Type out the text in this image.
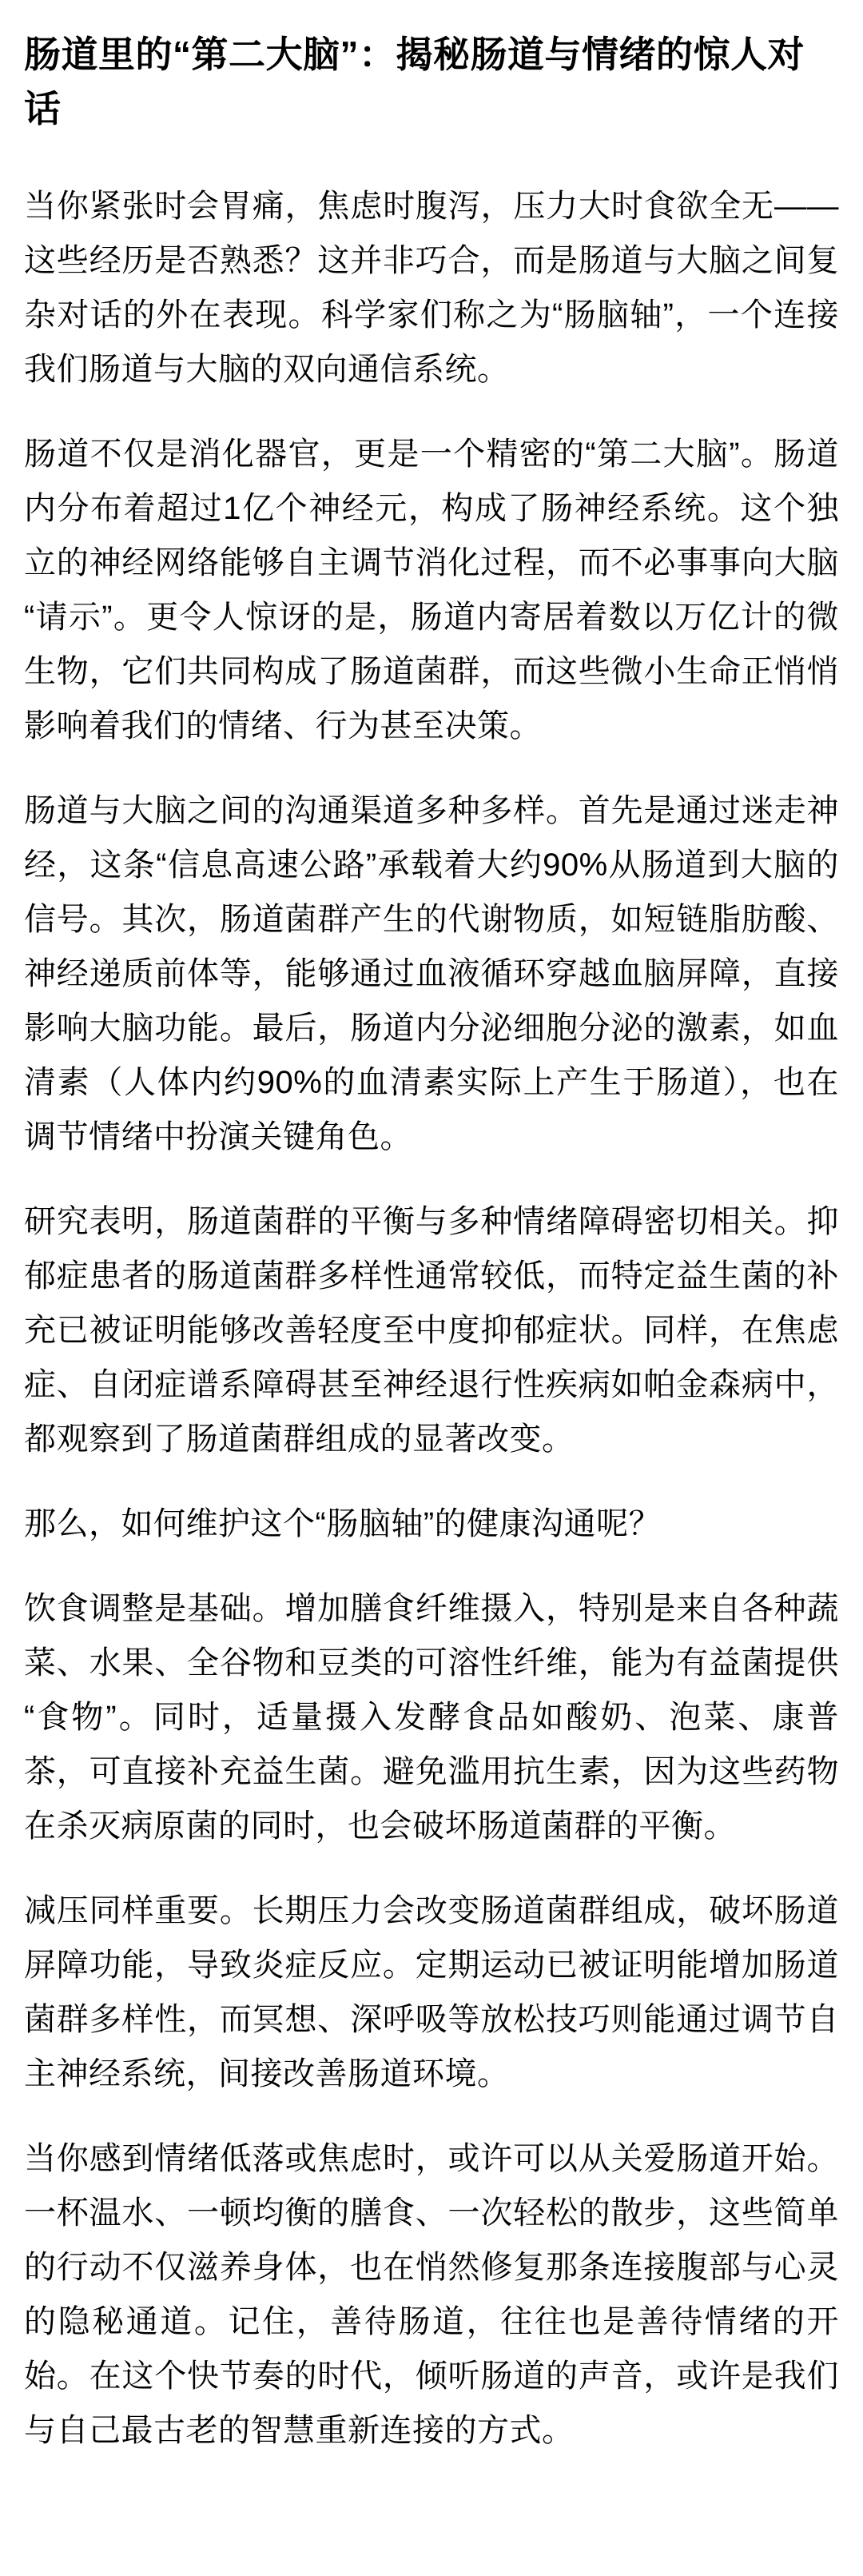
肠道里的“第二大脑”：揭秘肠道与情绪的惊人对话

当你紧张时会胃痛，焦虑时腹泻，压力大时食欲全无——这些经历是否熟悉？这并非巧合，而是肠道与大脑之间复杂对话的外在表现。科学家们称之为“肠脑轴”，一个连接我们肠道与大脑的双向通信系统。

肠道不仅是消化器官，更是一个精密的“第二大脑”。肠道内分布着超过1亿个神经元，构成了肠神经系统。这个独立的神经网络能够自主调节消化过程，而不必事事向大脑“请示”。更令人惊讶的是，肠道内寄居着数以万亿计的微生物，它们共同构成了肠道菌群，而这些微小生命正悄悄影响着我们的情绪、行为甚至决策。

肠道与大脑之间的沟通渠道多种多样。首先是通过迷走神经，这条“信息高速公路”承载着大约90%从肠道到大脑的信号。其次，肠道菌群产生的代谢物质，如短链脂肪酸、神经递质前体等，能够通过血液循环穿越血脑屏障，直接影响大脑功能。最后，肠道内分泌细胞分泌的激素，如血清素（人体内约90%的血清素实际上产生于肠道），也在调节情绪中扮演关键角色。

研究表明，肠道菌群的平衡与多种情绪障碍密切相关。抑郁症患者的肠道菌群多样性通常较低，而特定益生菌的补充已被证明能够改善轻度至中度抑郁症状。同样，在焦虑症、自闭症谱系障碍甚至神经退行性疾病如帕金森病中，都观察到了肠道菌群组成的显著改变。

那么，如何维护这个“肠脑轴”的健康沟通呢？

饮食调整是基础。增加膳食纤维摄入，特别是来自各种蔬菜、水果、全谷物和豆类的可溶性纤维，能为有益菌提供“食物”。同时，适量摄入发酵食品如酸奶、泡菜、康普茶，可直接补充益生菌。避免滥用抗生素，因为这些药物在杀灭病原菌的同时，也会破坏肠道菌群的平衡。

减压同样重要。长期压力会改变肠道菌群组成，破坏肠道屏障功能，导致炎症反应。定期运动已被证明能增加肠道菌群多样性，而冥想、深呼吸等放松技巧则能通过调节自主神经系统，间接改善肠道环境。

当你感到情绪低落或焦虑时，或许可以从关爱肠道开始。一杯温水、一顿均衡的膳食、一次轻松的散步，这些简单的行动不仅滋养身体，也在悄然修复那条连接腹部与心灵的隐秘通道。记住，善待肠道，往往也是善待情绪的开始。在这个快节奏的时代，倾听肠道的声音，或许是我们与自己最古老的智慧重新连接的方式。
